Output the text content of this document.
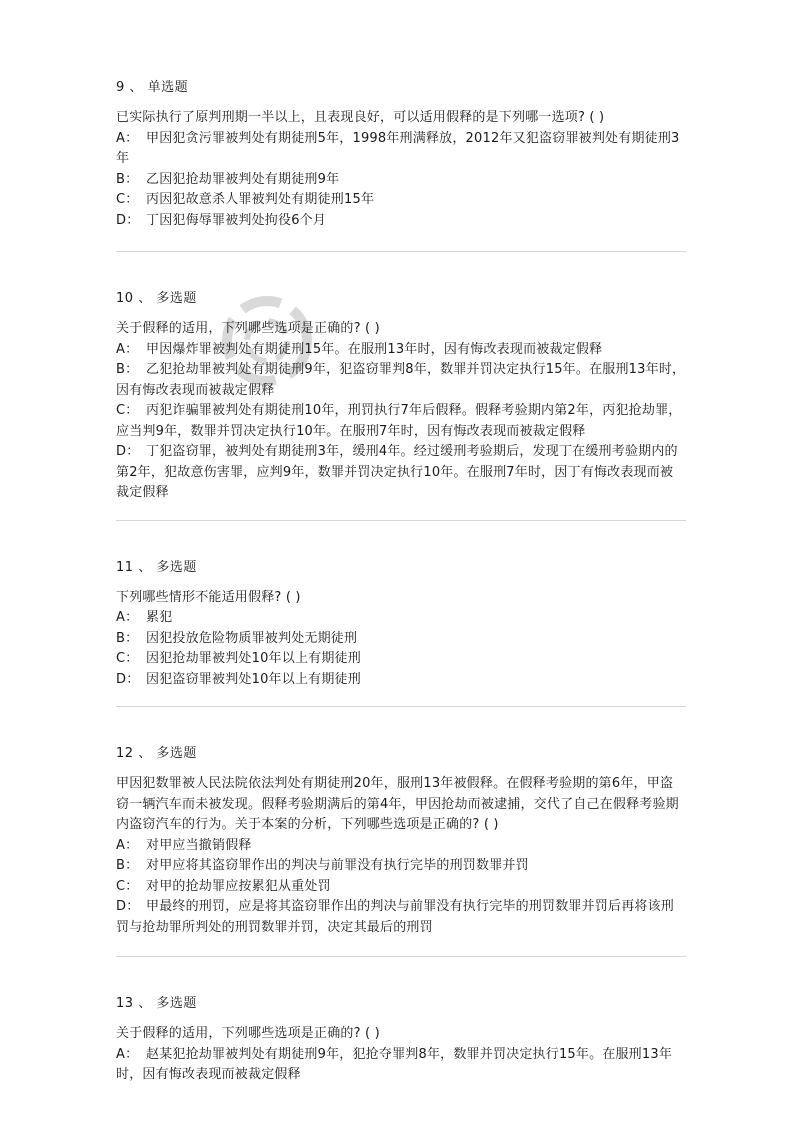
9 、 单选题
已实际执行了原判刑期一半以上，且表现良好，可以适用假释的是下列哪一选项? ( )
A： 甲因犯贪污罪被判处有期徒刑5年，1998年刑满释放，2012年又犯盗窃罪被判处有期徒刑3年
B： 乙因犯抢劫罪被判处有期徒刑9年
C： 丙因犯故意杀人罪被判处有期徒刑15年
D： 丁因犯侮辱罪被判处拘役6个月
10 、 多选题
关于假释的适用，下列哪些选项是正确的? ( )
A： 甲因爆炸罪被判处有期徒刑15年。在服刑13年时，因有悔改表现而被裁定假释
B： 乙犯抢劫罪被判处有期徒刑9年，犯盗窃罪判8年，数罪并罚决定执行15年。在服刑13年时，因有悔改表现而被裁定假释
C： 丙犯诈骗罪被判处有期徒刑10年，刑罚执行7年后假释。假释考验期内第2年，丙犯抢劫罪，应当判9年，数罪并罚决定执行10年。在服刑7年时，因有悔改表现而被裁定假释
D： 丁犯盗窃罪，被判处有期徒刑3年，缓刑4年。经过缓刑考验期后，发现丁在缓刑考验期内的第2年，犯故意伤害罪，应判9年，数罪并罚决定执行10年。在服刑7年时，因丁有悔改表现而被裁定假释
11 、 多选题
下列哪些情形不能适用假释? ( )
A： 累犯
B： 因犯投放危险物质罪被判处无期徒刑
C： 因犯抢劫罪被判处10年以上有期徒刑
D： 因犯盗窃罪被判处10年以上有期徒刑
12 、 多选题
甲因犯数罪被人民法院依法判处有期徒刑20年，服刑13年被假释。在假释考验期的第6年，甲盗窃一辆汽车而未被发现。假释考验期满后的第4年，甲因抢劫而被逮捕，交代了自己在假释考验期内盗窃汽车的行为。关于本案的分析，下列哪些选项是正确的? ( )
A： 对甲应当撤销假释
B： 对甲应将其盗窃罪作出的判决与前罪没有执行完毕的刑罚数罪并罚
C： 对甲的抢劫罪应按累犯从重处罚
D： 甲最终的刑罚，应是将其盗窃罪作出的判决与前罪没有执行完毕的刑罚数罪并罚后再将该刑罚与抢劫罪所判处的刑罚数罪并罚，决定其最后的刑罚
13 、 多选题
关于假释的适用，下列哪些选项是正确的? ( )
A： 赵某犯抢劫罪被判处有期徒刑9年，犯抢夺罪判8年，数罪并罚决定执行15年。在服刑13年时，因有悔改表现而被裁定假释
